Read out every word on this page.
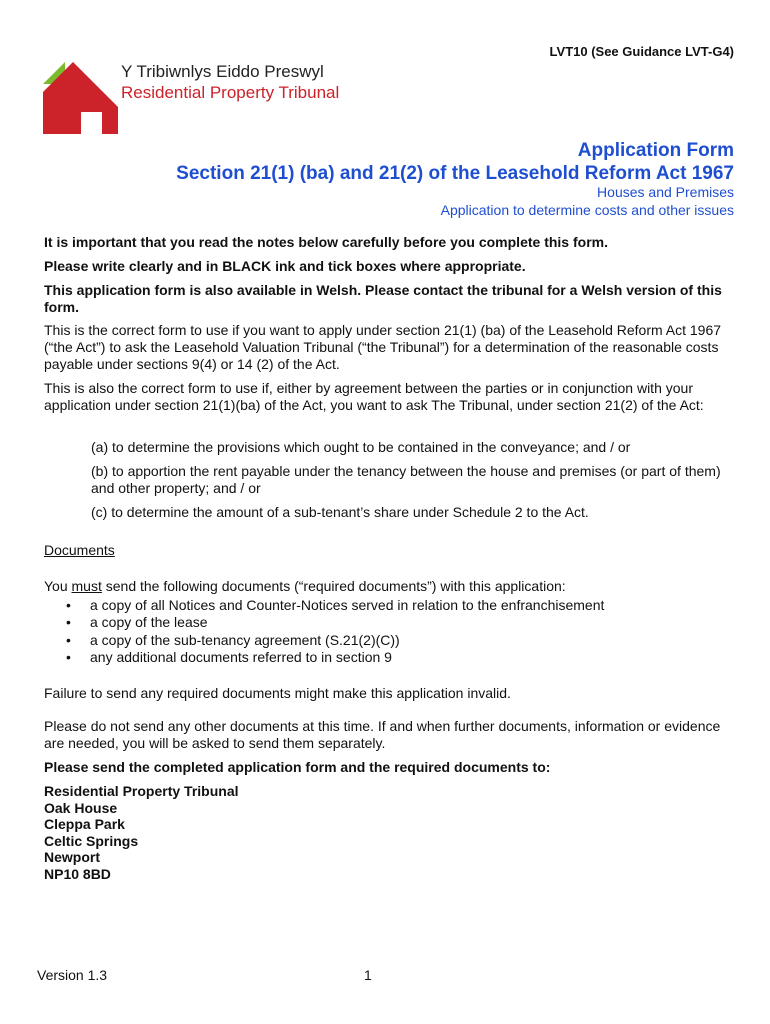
LVT10 (See Guidance LVT-G4)
Y Tribiwnlys Eiddo Preswyl
Residential Property Tribunal
Application Form
Section 21(1) (ba) and 21(2) of the Leasehold Reform Act 1967
Houses and Premises
Application to determine costs and other issues
It is important that you read the notes below carefully before you complete this form.
Please write clearly and in BLACK ink and tick boxes where appropriate.
This application form is also available in Welsh. Please contact the tribunal for a Welsh version of this form.
This is the correct form to use if you want to apply under section 21(1) (ba) of the Leasehold Reform Act 1967 (“the Act”) to ask the Leasehold Valuation Tribunal (“the Tribunal”) for a determination of the reasonable costs payable under sections 9(4) or 14 (2) of the Act.
This is also the correct form to use if, either by agreement between the parties or in conjunction with your application under section 21(1)(ba) of the Act, you want to ask The Tribunal, under section 21(2) of the Act:
(a) to determine the provisions which ought to be contained in the conveyance; and / or
(b) to apportion the rent payable under the tenancy between the house and premises (or part of them) and other property; and / or
(c) to determine the amount of a sub-tenant’s share under Schedule 2 to the Act.
Documents
You must send the following documents (“required documents”) with this application:
• a copy of all Notices and Counter-Notices served in relation to the enfranchisement
• a copy of the lease
• a copy of the sub-tenancy agreement (S.21(2)(C))
• any additional documents referred to in section 9
Failure to send any required documents might make this application invalid.
Please do not send any other documents at this time. If and when further documents, information or evidence are needed, you will be asked to send them separately.
Please send the completed application form and the required documents to:
Residential Property Tribunal
Oak House
Cleppa Park
Celtic Springs
Newport
NP10 8BD
Version 1.3	1
